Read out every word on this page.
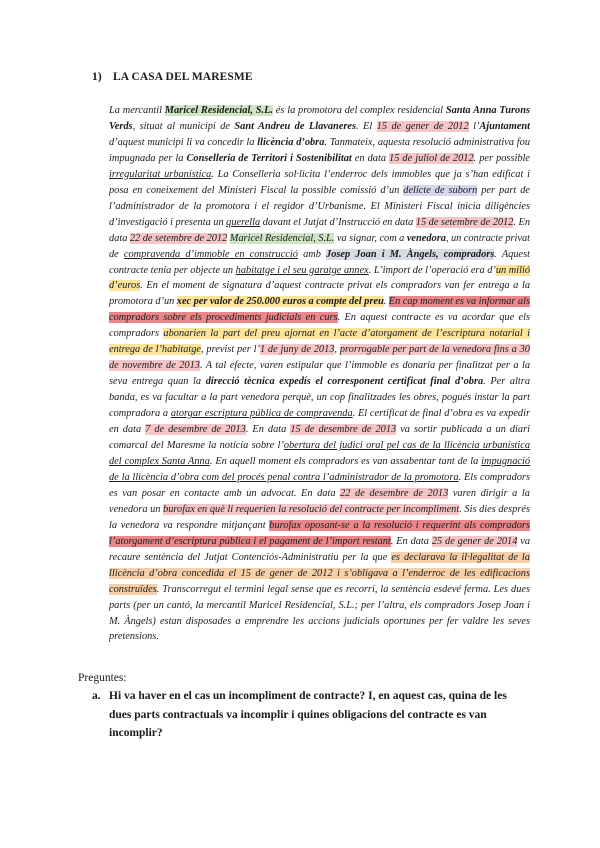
1) LA CASA DEL MARESME
La mercantil Maricel Residencial, S.L. és la promotora del complex residencial Santa Anna Turons Verds, situat al municipi de Sant Andreu de Llavaneres. El 15 de gener de 2012 l’Ajuntament d’aquest municipi li va concedir la llicència d’obra. Tanmateix, aquesta resolució administrativa fou impugnada per la Conselleria de Territori i Sostenibilitat en data 15 de juliol de 2012. per possible irregularitat urbanística. La Conselleria sol·licita l’enderroc dels immobles que ja s’han edificat i posa en coneixement del Ministeri Fiscal la possible comissió d’un delicte de suborn per part de l’administrador de la promotora i el regidor d’Urbanisme. El Ministeri Fiscal inicia diligències d’investigació i presenta un querella davant el Jutjat d’Instrucció en data 15 de setembre de 2012. En data 22 de setembre de 2012 Maricel Residencial, S.L. va signar, com a venedora, un contracte privat de compravenda d’immoble en construcció amb Josep Joan i M. Àngels, compradors. Aquest contracte tenia per objecte un habitatge i el seu garatge annex. L’import de l’operació era d’un milió d’euros. En el moment de signatura d’aquest contracte privat els compradors van fer entrega a la promotora d’un xec per valor de 250.000 euros a compte del preu. En cap moment es va informar als compradors sobre els procediments judicials en curs. En aquest contracte es va acordar que els compradors abonarien la part del preu ajornat en l’acte d’atorgament de l’escriptura notarial i entrega de l’habitatge, previst per l’1 de juny de 2013, prorrogable per part de la venedora fins a 30 de novembre de 2013. A tal efecte, varen estipular que l’immoble es donaria per finalitzat per a la seva entrega quan la direcció tècnica expedís el corresponent certificat final d’obra. Per altra banda, es va facultar a la part venedora perquè, un cop finalitzades les obres, pogués instar la part compradora a atorgar escriptura pública de compravenda. El certificat de final d’obra es va expedir en data 7 de desembre de 2013. En data 15 de desembre de 2013 va sortir publicada a un diari comarcal del Maresme la notícia sobre l’obertura del judici oral pel cas de la llicència urbanística del complex Santa Anna. En aquell moment els compradors es van assabentar tant de la impugnació de la llicència d’obra com del procés penal contra l’administrador de la promotora. Els compradors es van posar en contacte amb un advocat. En data 22 de desembre de 2013 varen dirigir a la venedora un burofax en què li requerien la resolució del contracte per incompliment. Sis dies després la venedora va respondre mitjançant burofax oposant-se a la resolució i requerint als compradors l’atorgament d’escriptura pública i el pagament de l’import restant. En data 25 de gener de 2014 va recaure sentència del Jutjat Contenciós-Administratiu per la que es declarava la il·legalitat de la llicència d’obra concedida el 15 de gener de 2012 i s’obligava a l’enderroc de les edificacions construïdes. Transcorregut el termini legal sense que es recorri, la sentència esdevé ferma. Les dues parts (per un cantó, la mercantil Maricel Residencial, S.L.; per l’altra, els compradors Josep Joan i M. Àngels) estan disposades a emprendre les accions judicials oportunes per fer valdre les seves pretensions.
Preguntes:
a. Hi va haver en el cas un incompliment de contracte? I, en aquest cas, quina de les dues parts contractuals va incomplir i quines obligacions del contracte es van incomplir?
